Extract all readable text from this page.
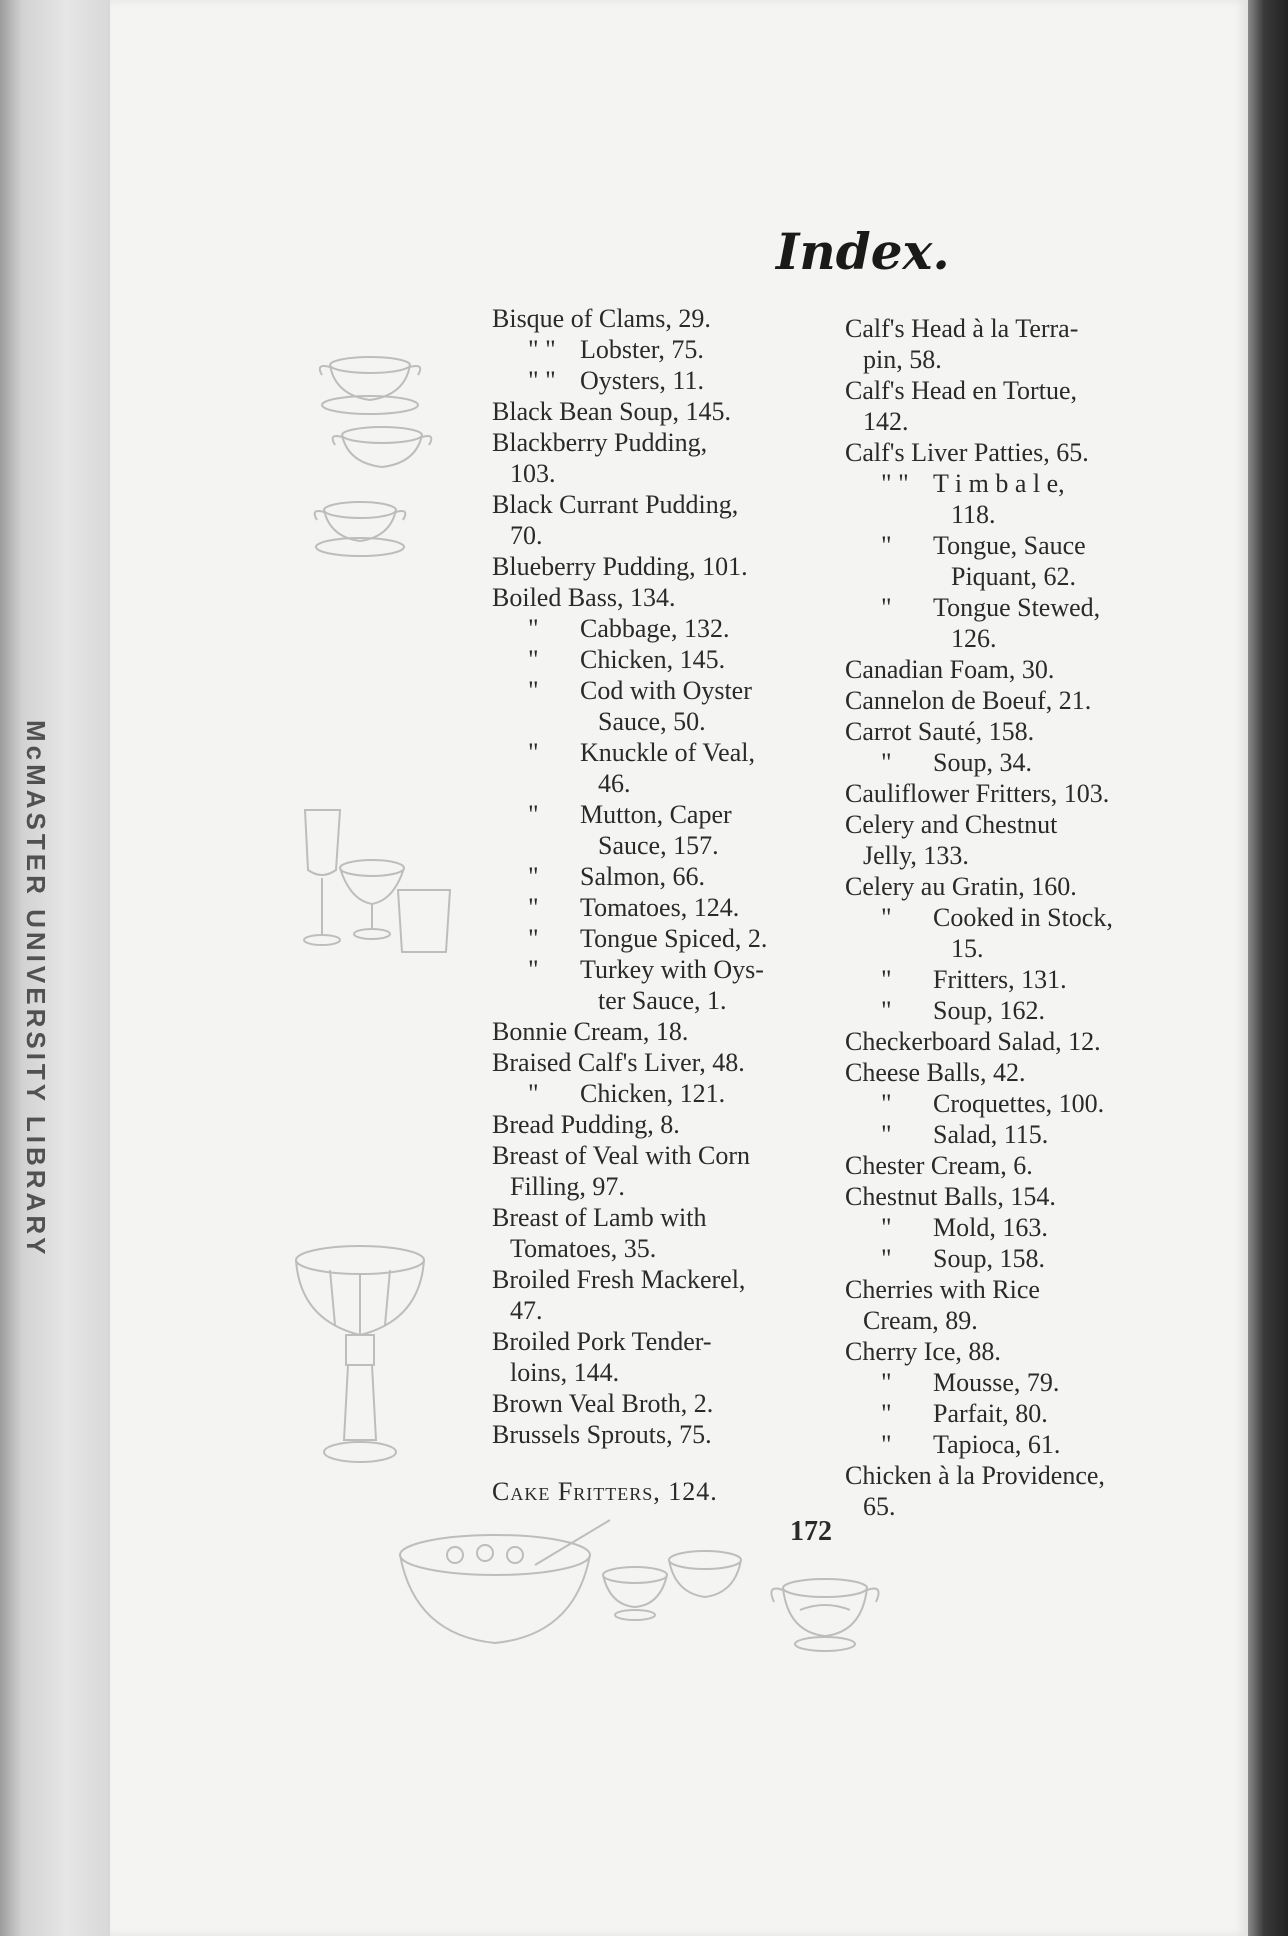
McMASTER UNIVERSITY LIBRARY
Index.
Bisque of Clams, 29.
" " Lobster, 75.
" " Oysters, 11.
Black Bean Soup, 145.
Blackberry Pudding,
103.
Black Currant Pudding,
70.
Blueberry Pudding, 101.
Boiled Bass, 134.
" Cabbage, 132.
" Chicken, 145.
" Cod with Oyster
Sauce, 50.
" Knuckle of Veal,
46.
" Mutton, Caper
Sauce, 157.
" Salmon, 66.
" Tomatoes, 124.
" Tongue Spiced, 2.
" Turkey with Oys-
ter Sauce, 1.
Bonnie Cream, 18.
Braised Calf's Liver, 48.
" Chicken, 121.
Bread Pudding, 8.
Breast of Veal with Corn
Filling, 97.
Breast of Lamb with
Tomatoes, 35.
Broiled Fresh Mackerel,
47.
Broiled Pork Tender-
loins, 144.
Brown Veal Broth, 2.
Brussels Sprouts, 75.
Cake Fritters, 124.
Calf's Head à la Terra-
pin, 58.
Calf's Head en Tortue,
142.
Calf's Liver Patties, 65.
" " T i m b a l e,
118.
" Tongue, Sauce
Piquant, 62.
" Tongue Stewed,
126.
Canadian Foam, 30.
Cannelon de Boeuf, 21.
Carrot Sauté, 158.
" Soup, 34.
Cauliflower Fritters, 103.
Celery and Chestnut
Jelly, 133.
Celery au Gratin, 160.
" Cooked in Stock,
15.
" Fritters, 131.
" Soup, 162.
Checkerboard Salad, 12.
Cheese Balls, 42.
" Croquettes, 100.
" Salad, 115.
Chester Cream, 6.
Chestnut Balls, 154.
" Mold, 163.
" Soup, 158.
Cherries with Rice
Cream, 89.
Cherry Ice, 88.
" Mousse, 79.
" Parfait, 80.
" Tapioca, 61.
Chicken à la Providence,
65.
172
